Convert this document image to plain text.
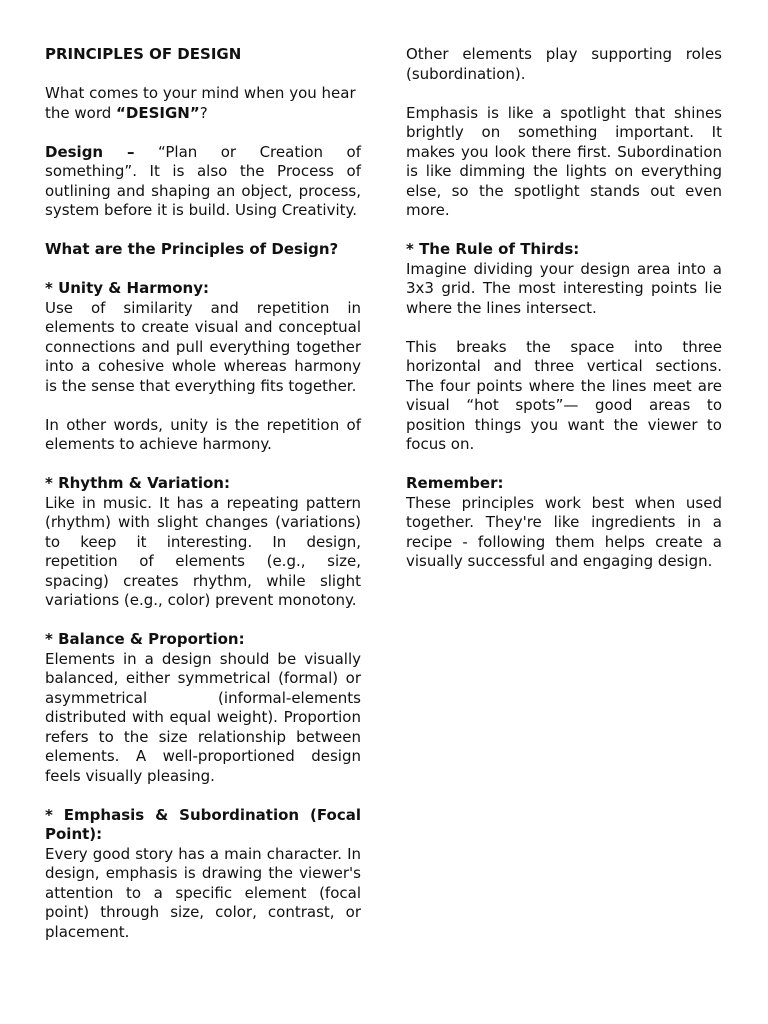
PRINCIPLES OF DESIGN

What comes to your mind when you hear the word “DESIGN”?

Design – “Plan or Creation of something”. It is also the Process of outlining and shaping an object, process, system before it is build. Using Creativity.

What are the Principles of Design?

* Unity & Harmony:

Use of similarity and repetition in elements to create visual and conceptual connections and pull everything together into a cohesive whole whereas harmony is the sense that everything fits together.

In other words, unity is the repetition of elements to achieve harmony.

* Rhythm & Variation:

Like in music. It has a repeating pattern (rhythm) with slight changes (variations) to keep it interesting. In design, repetition of elements (e.g., size, spacing) creates rhythm, while slight variations (e.g., color) prevent monotony.

* Balance & Proportion:

Elements in a design should be visually balanced, either symmetrical (formal) or asymmetrical (informal-elements distributed with equal weight). Proportion refers to the size relationship between elements. A well-proportioned design feels visually pleasing.

* Emphasis & Subordination (Focal Point):

Every good story has a main character. In design, emphasis is drawing the viewer's attention to a specific element (focal point) through size, color, contrast, or placement.

Other elements play supporting roles (subordination).

Emphasis is like a spotlight that shines brightly on something important. It makes you look there first. Subordination is like dimming the lights on everything else, so the spotlight stands out even more.

* The Rule of Thirds:

Imagine dividing your design area into a 3x3 grid. The most interesting points lie where the lines intersect.

This breaks the space into three horizontal and three vertical sections. The four points where the lines meet are visual “hot spots”— good areas to position things you want the viewer to focus on.

Remember:

These principles work best when used together. They're like ingredients in a recipe - following them helps create a visually successful and engaging design.
